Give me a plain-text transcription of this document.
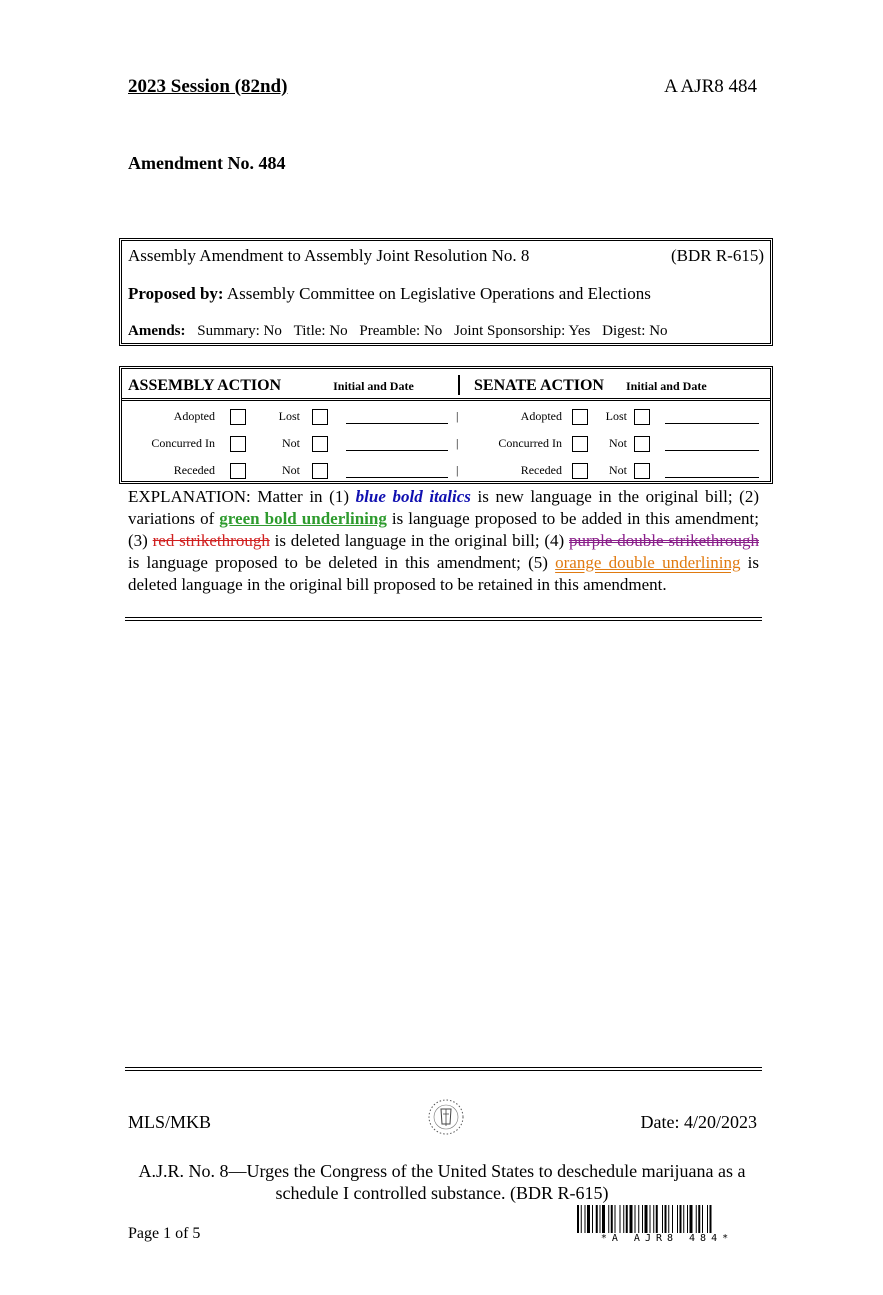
2023 Session (82nd)	A AJR8 484
Amendment No. 484
Assembly Amendment to Assembly Joint Resolution No. 8	(BDR R-615)
Proposed by: Assembly Committee on Legislative Operations and Elections
Amends: Summary: No Title: No Preamble: No Joint Sponsorship: Yes Digest: No
ASSEMBLY ACTION	Initial and Date	SENATE ACTION Initial and Date
Adopted	Lost	|	Adopted	Lost
Concurred In	Not	|	Concurred In	Not
Receded	Not	|	Receded	Not
EXPLANATION: Matter in (1) blue bold italics is new language in the original bill; (2) variations of green bold underlining is language proposed to be added in this amendment; (3) red strikethrough is deleted language in the original bill; (4) purple double strikethrough is language proposed to be deleted in this amendment; (5) orange double underlining is deleted language in the original bill proposed to be retained in this amendment.
MLS/MKB	Date: 4/20/2023
A.J.R. No. 8—Urges the Congress of the United States to deschedule marijuana as a schedule I controlled substance. (BDR R-615)
Page 1 of 5	*A AJR8 484*
